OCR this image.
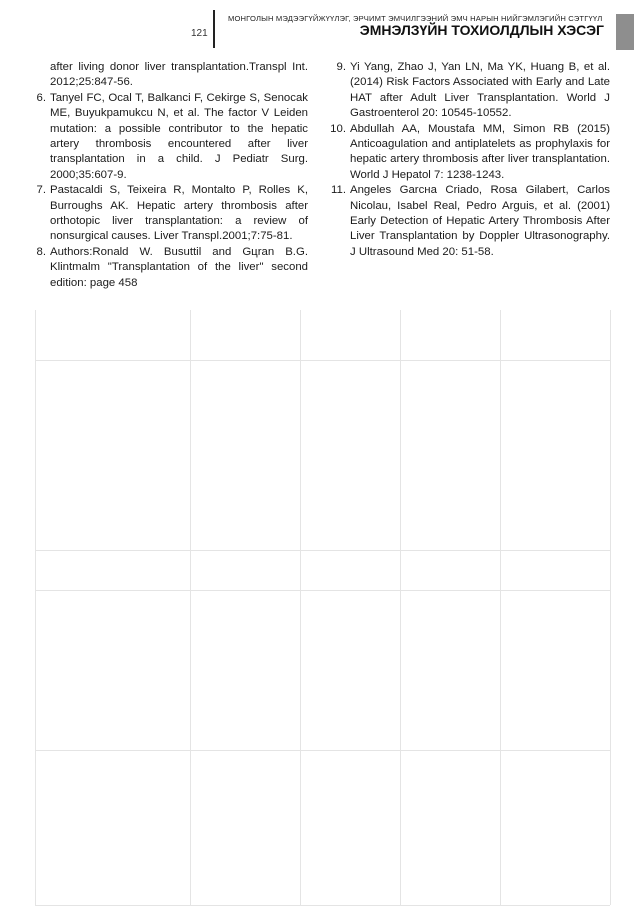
121
МОНГОЛЫН МЭДЭЭГҮЙЖҮҮЛЭГ, ЭРЧИМТ ЭМЧИЛГЭЭНИЙ ЭМЧ НАРЫН НИЙГЭМЛЭГИЙН СЭТГҮҮЛ
ЭМНЭЛЗҮЙН ТОХИОЛДЛЫН ХЭСЭГ

after living donor liver transplantation.Transpl Int. 2012;25:847-56.

6. Tanyel FC, Ocal T, Balkanci F, Cekirge S, Senocak ME, Buyukpamukcu N, et al. The factor V Leiden mutation: a possible contributor to the hepatic artery thrombosis encountered after liver transplantation in a child. J Pediatr Surg. 2000;35:607-9.

7. Pastacaldi S, Teixeira R, Montalto P, Rolles K, Burroughs AK. Hepatic artery thrombosis after orthotopic liver transplantation: a review of nonsurgical causes. Liver Transpl.2001;7:75-81.

8. Authors:Ronald W. Busuttil and Gцran B.G. Klintmalm "Transplantation of the liver" second edition: page 458

9. Yi Yang, Zhao J, Yan LN, Ma YK, Huang B, et al. (2014) Risk Factors Associated with Early and Late HAT after Adult Liver Transplantation. World J Gastroenterol 20: 10545-10552.

10. Abdullah AA, Moustafa MM, Simon RB (2015) Anticoagulation and antiplatelets as prophylaxis for hepatic artery thrombosis after liver transplantation. World J Hepatol 7: 1238-1243.

11. Angeles Garcнa Criado, Rosa Gilabert, Carlos Nicolau, Isabel Real, Pedro Arguis, et al. (2001) Early Detection of Hepatic Artery Thrombosis After Liver Transplantation by Doppler Ultrasonography. J Ultrasound Med 20: 51-58.
